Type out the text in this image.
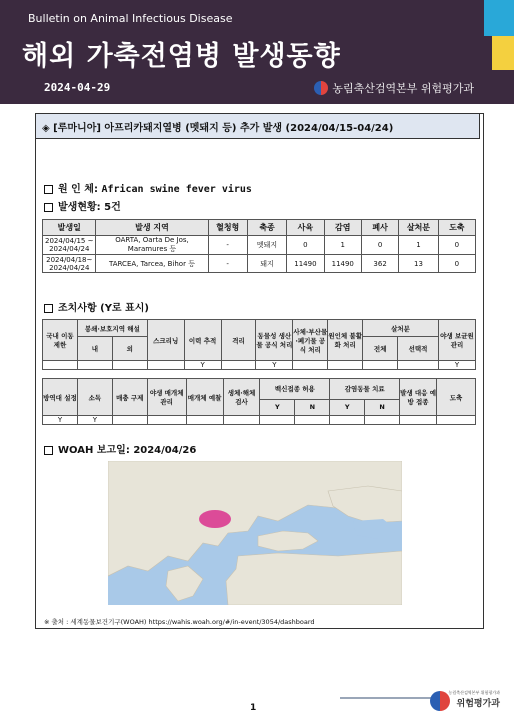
Bulletin on Animal Infectious Disease
해외 가축전염병 발생동향
2024-04-29	농림축산검역본부 위험평가과
◈ [루마니아] 아프리카돼지열병 (멧돼지 등) 추가 발생 (2024/04/15-04/24)
원 인 체: African swine fever virus
발생현황: 5건
발생일	발생 지역	혈청형	축종	사육	감염	폐사	살처분	도축
2024/04/15 ~ 2024/04/24	OARTA, Oarta De Jos, Maramures 등	-	멧돼지	0	1	0	1	0
2024/04/18~ 2024/04/24	TARCEA, Tarcea, Bihor 등	-	돼지	11490	11490	362	13	0
조치사항 (Y로 표시)
국내 이동 제한	봉쇄·보호지역 해설		스크리닝	이력 추적	격리	동물성 생산물 공식 처리	사체·부산물·폐기물 공식 처리	원인체 불활화 처리	살처분		야생 보균원 관리
	내	외							전체	선택적	
				Y		Y					Y
방역대 설정	소독	매충 구제	야생 매개체 관리	매개체 예찰	생체·해체 검사	백신접종 허용		감염동물 치료		발생 대응 예방 접종	도축
						Y	N	Y	N		
Y	Y										
WOAH 보고일: 2024/04/26
※ 출처 : 세계동물보건기구(WOAH) https://wahis.woah.org/#/in-event/3054/dashboard
농림축산검역본부 위험평가과
위험평가과
1
